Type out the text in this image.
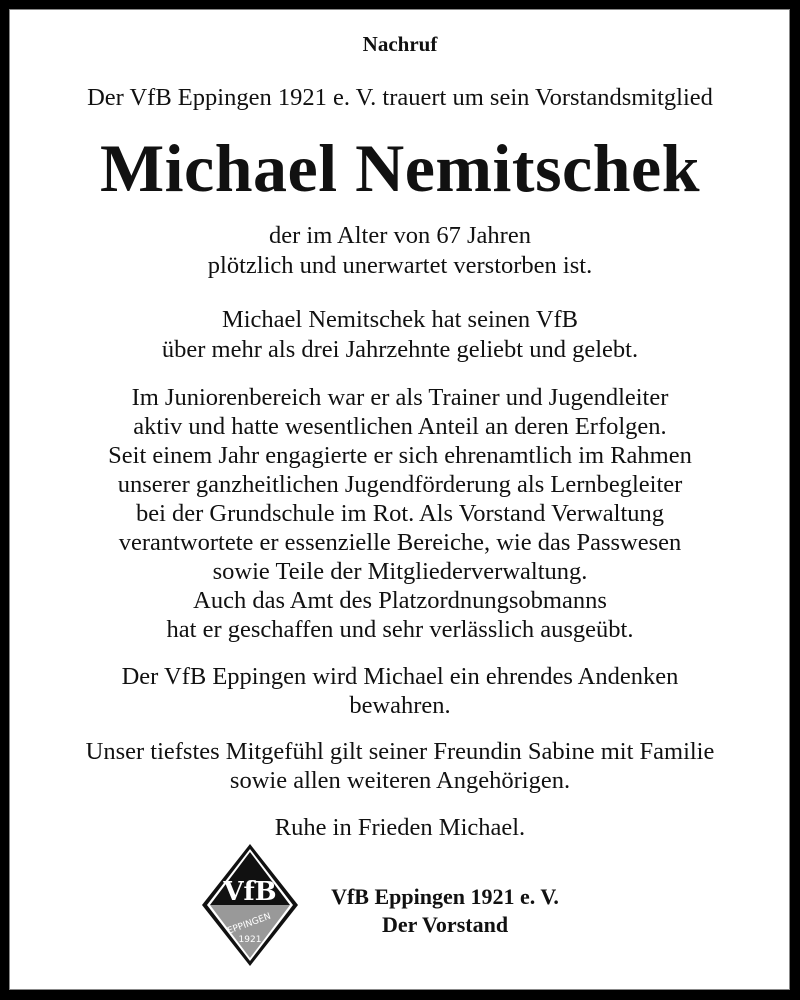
Nachruf
Der VfB Eppingen 1921 e. V. trauert um sein Vorstandsmitglied
Michael Nemitschek
der im Alter von 67 Jahren
plötzlich und unerwartet verstorben ist.
Michael Nemitschek hat seinen VfB
über mehr als drei Jahrzehnte geliebt und gelebt.
Im Juniorenbereich war er als Trainer und Jugendleiter
aktiv und hatte wesentlichen Anteil an deren Erfolgen.
Seit einem Jahr engagierte er sich ehrenamtlich im Rahmen
unserer ganzheitlichen Jugendförderung als Lernbegleiter
bei der Grundschule im Rot. Als Vorstand Verwaltung
verantwortete er essenzielle Bereiche, wie das Passwesen
sowie Teile der Mitgliederverwaltung.
Auch das Amt des Platzordnungsobmanns
hat er geschaffen und sehr verlässlich ausgeübt.
Der VfB Eppingen wird Michael ein ehrendes Andenken
bewahren.
Unser tiefstes Mitgefühl gilt seiner Freundin Sabine mit Familie
sowie allen weiteren Angehörigen.
Ruhe in Frieden Michael.
VfB
EPPINGEN
1921
VfB Eppingen 1921 e. V.
Der Vorstand
